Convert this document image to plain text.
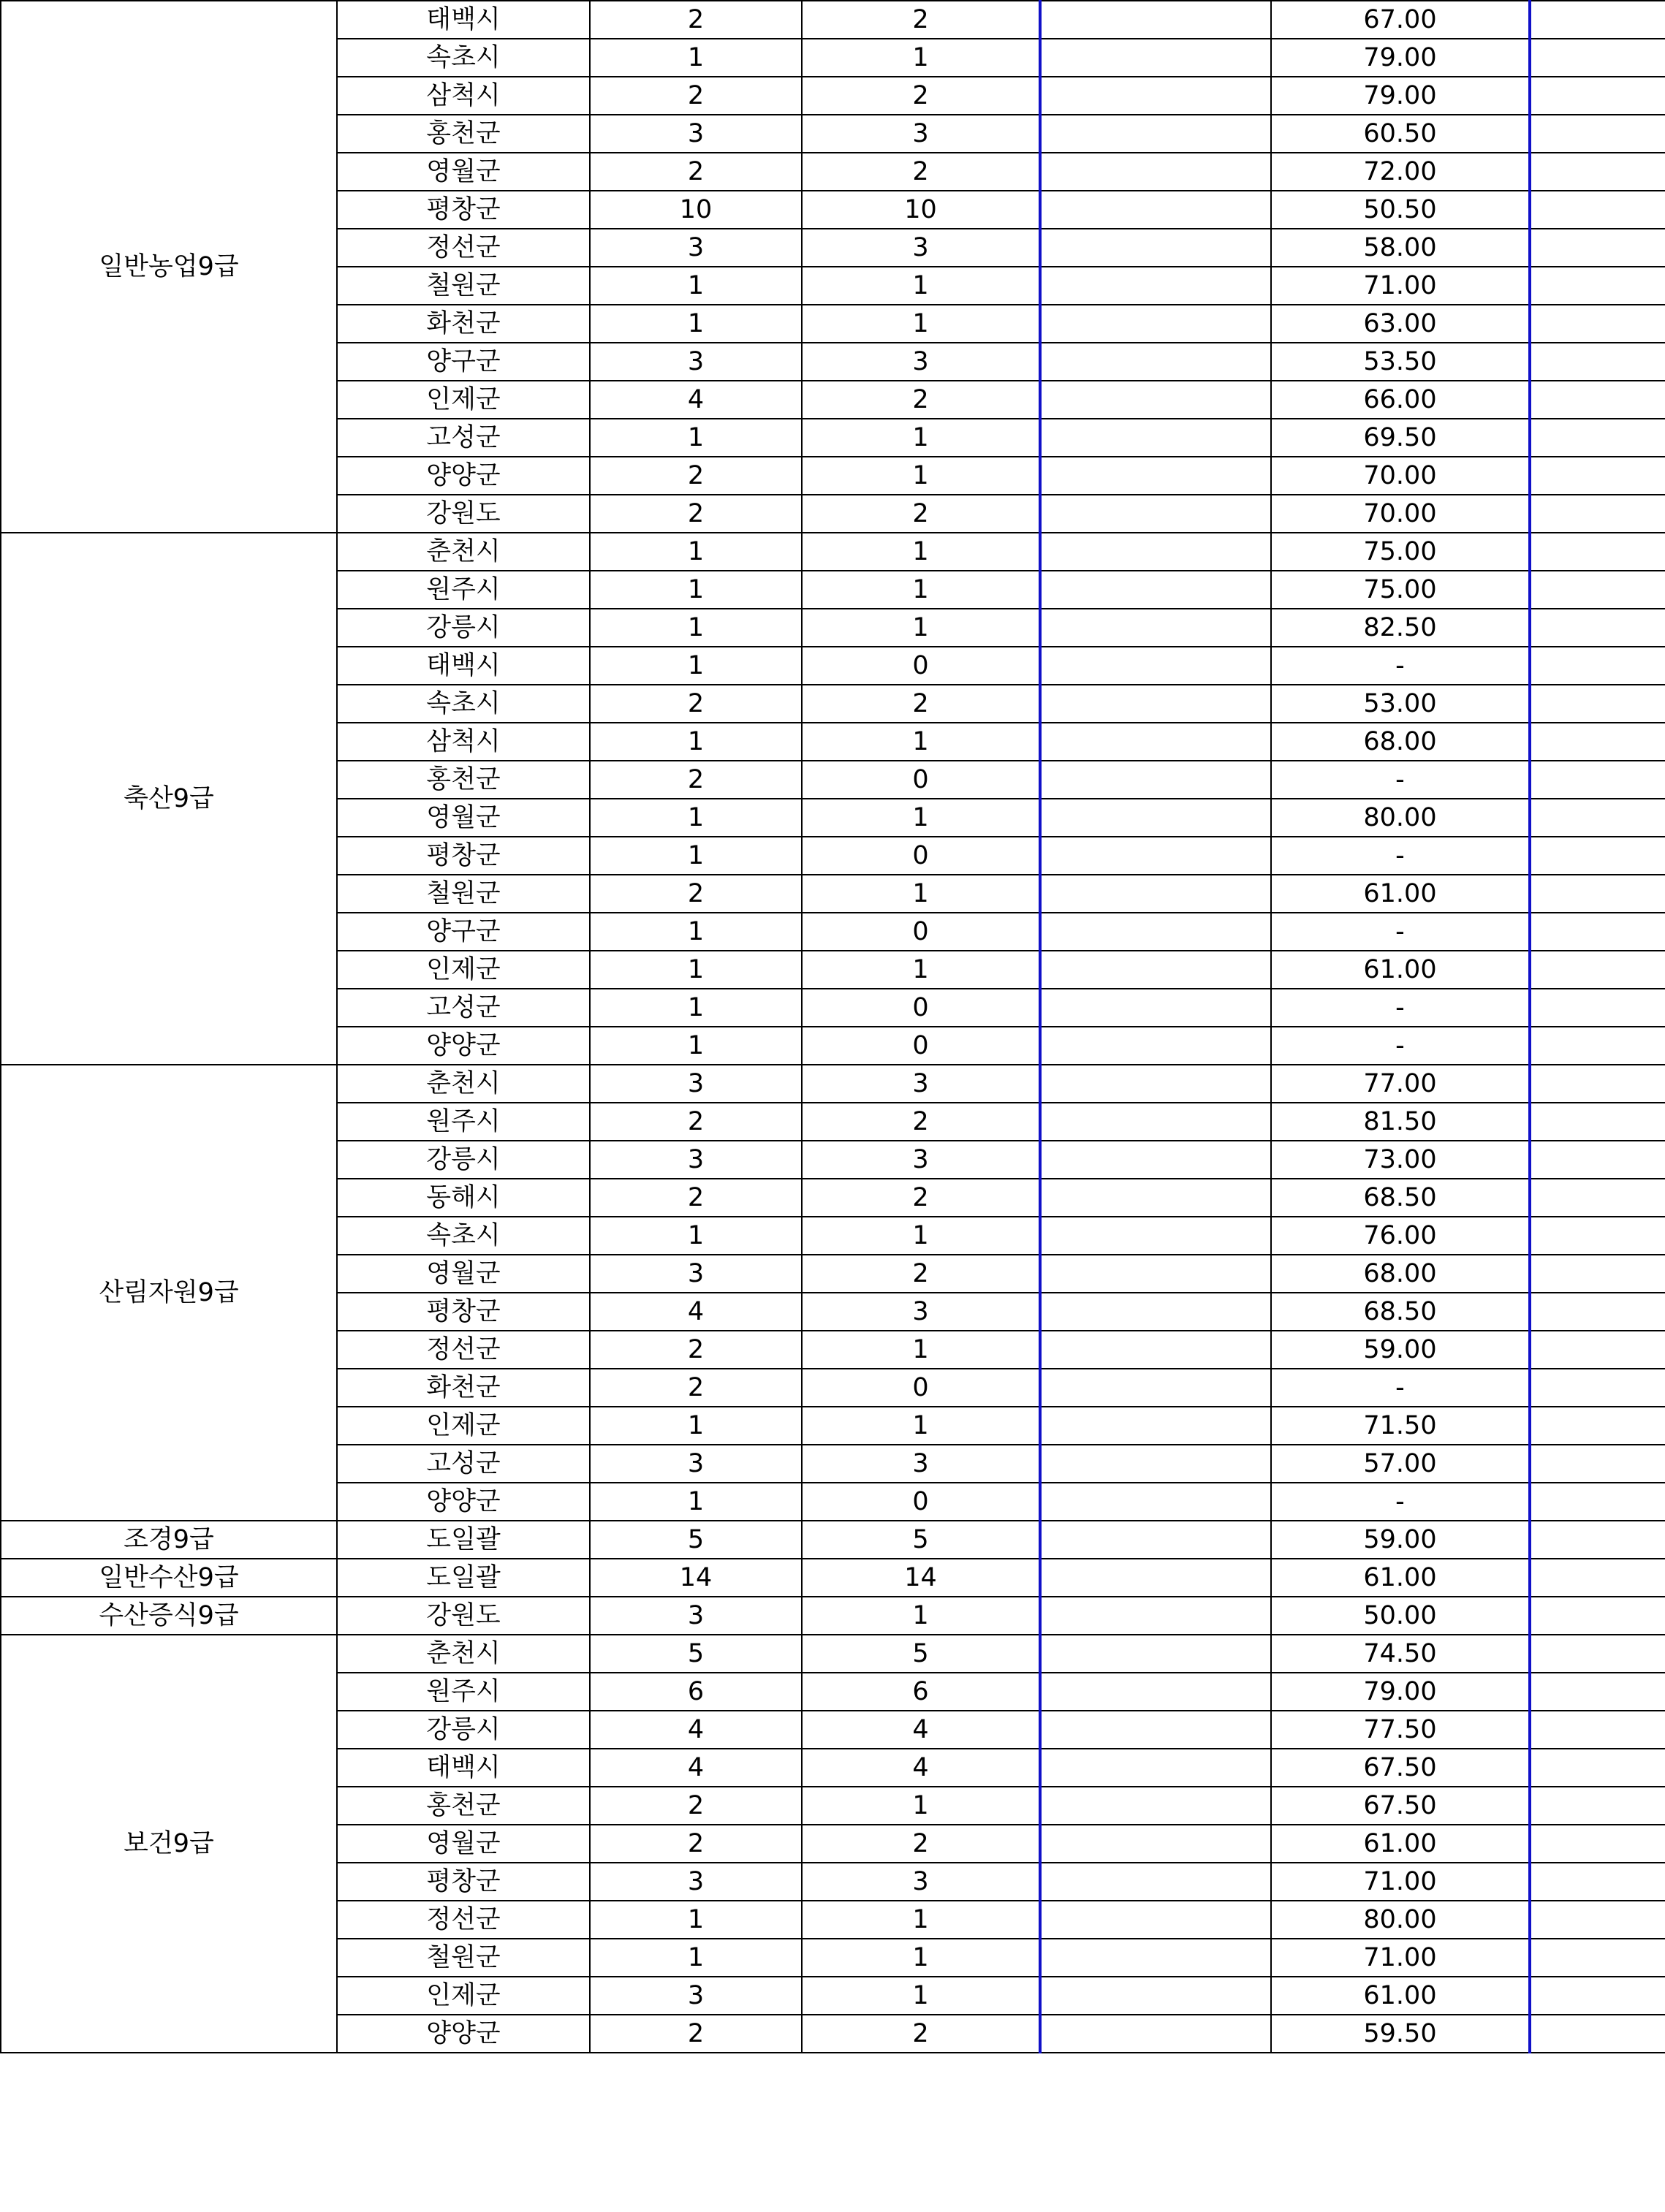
일반농업9급	태백시	2	2		67.00	
	속초시	1	1		79.00	
	삼척시	2	2		79.00	
	홍천군	3	3		60.50	
	영월군	2	2		72.00	
	평창군	10	10		50.50	
	정선군	3	3		58.00	
	철원군	1	1		71.00	
	화천군	1	1		63.00	
	양구군	3	3		53.50	
	인제군	4	2		66.00	
	고성군	1	1		69.50	
	양양군	2	1		70.00	
	강원도	2	2		70.00	
축산9급	춘천시	1	1		75.00	
	원주시	1	1		75.00	
	강릉시	1	1		82.50	
	태백시	1	0		-	
	속초시	2	2		53.00	
	삼척시	1	1		68.00	
	홍천군	2	0		-	
	영월군	1	1		80.00	
	평창군	1	0		-	
	철원군	2	1		61.00	
	양구군	1	0		-	
	인제군	1	1		61.00	
	고성군	1	0		-	
	양양군	1	0		-	
산림자원9급	춘천시	3	3		77.00	
	원주시	2	2		81.50	
	강릉시	3	3		73.00	
	동해시	2	2		68.50	
	속초시	1	1		76.00	
	영월군	3	2		68.00	
	평창군	4	3		68.50	
	정선군	2	1		59.00	
	화천군	2	0		-	
	인제군	1	1		71.50	
	고성군	3	3		57.00	
	양양군	1	0		-	
조경9급	도일괄	5	5		59.00	
일반수산9급	도일괄	14	14		61.00	
수산증식9급	강원도	3	1		50.00	
보건9급	춘천시	5	5		74.50	
	원주시	6	6		79.00	
	강릉시	4	4		77.50	
	태백시	4	4		67.50	
	홍천군	2	1		67.50	
	영월군	2	2		61.00	
	평창군	3	3		71.00	
	정선군	1	1		80.00	
	철원군	1	1		71.00	
	인제군	3	1		61.00	
	양양군	2	2		59.50	
